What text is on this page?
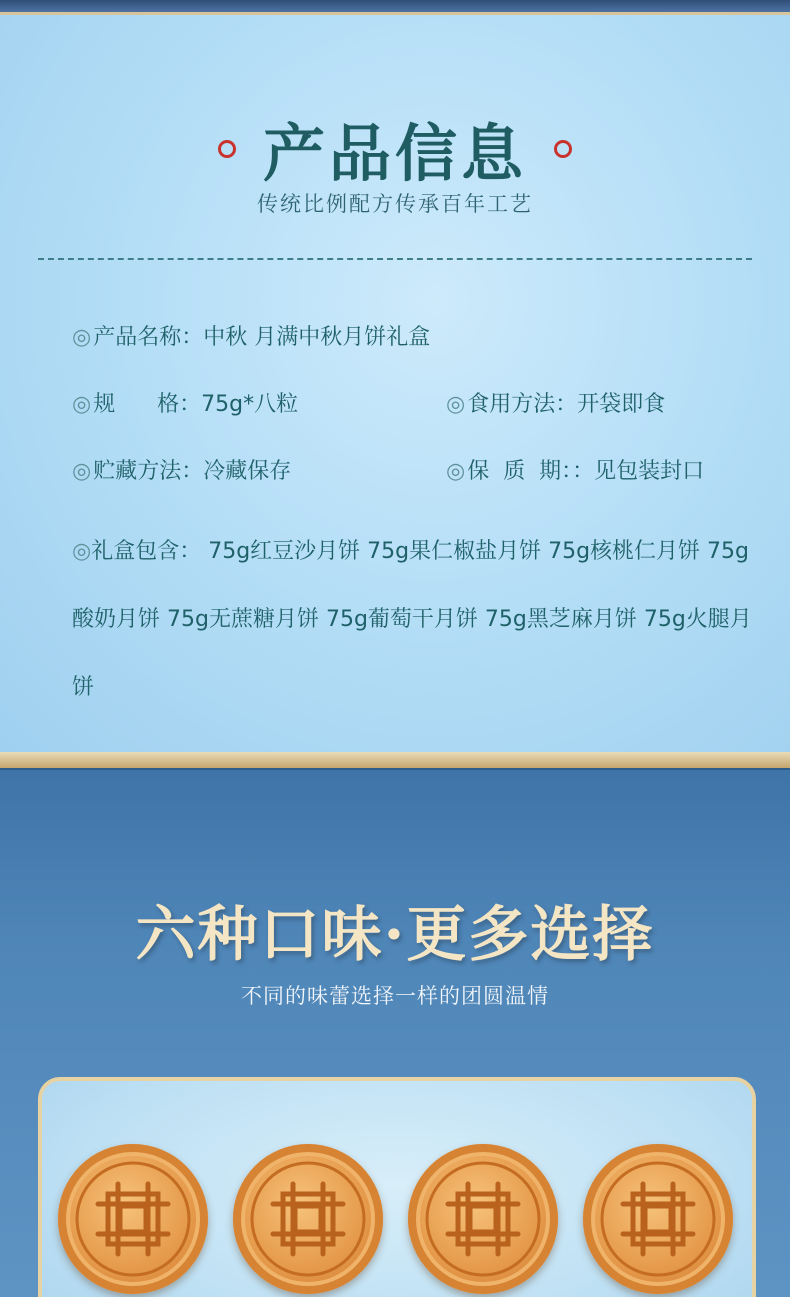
产品信息
传统比例配方传承百年工艺
◎产品名称：中秋 月满中秋月饼礼盒
◎规      格：75g*八粒	◎食用方法：开袋即食
◎贮藏方法：冷藏保存	◎保  质  期：：见包装封口
◎礼盒包含： 75g红豆沙月饼 75g果仁椒盐月饼 75g核桃仁月饼 75g酸奶月饼 75g无蔗糖月饼 75g葡萄干月饼 75g黑芝麻月饼 75g火腿月饼
六种口味·更多选择
不同的味蕾选择一样的团圆温情
